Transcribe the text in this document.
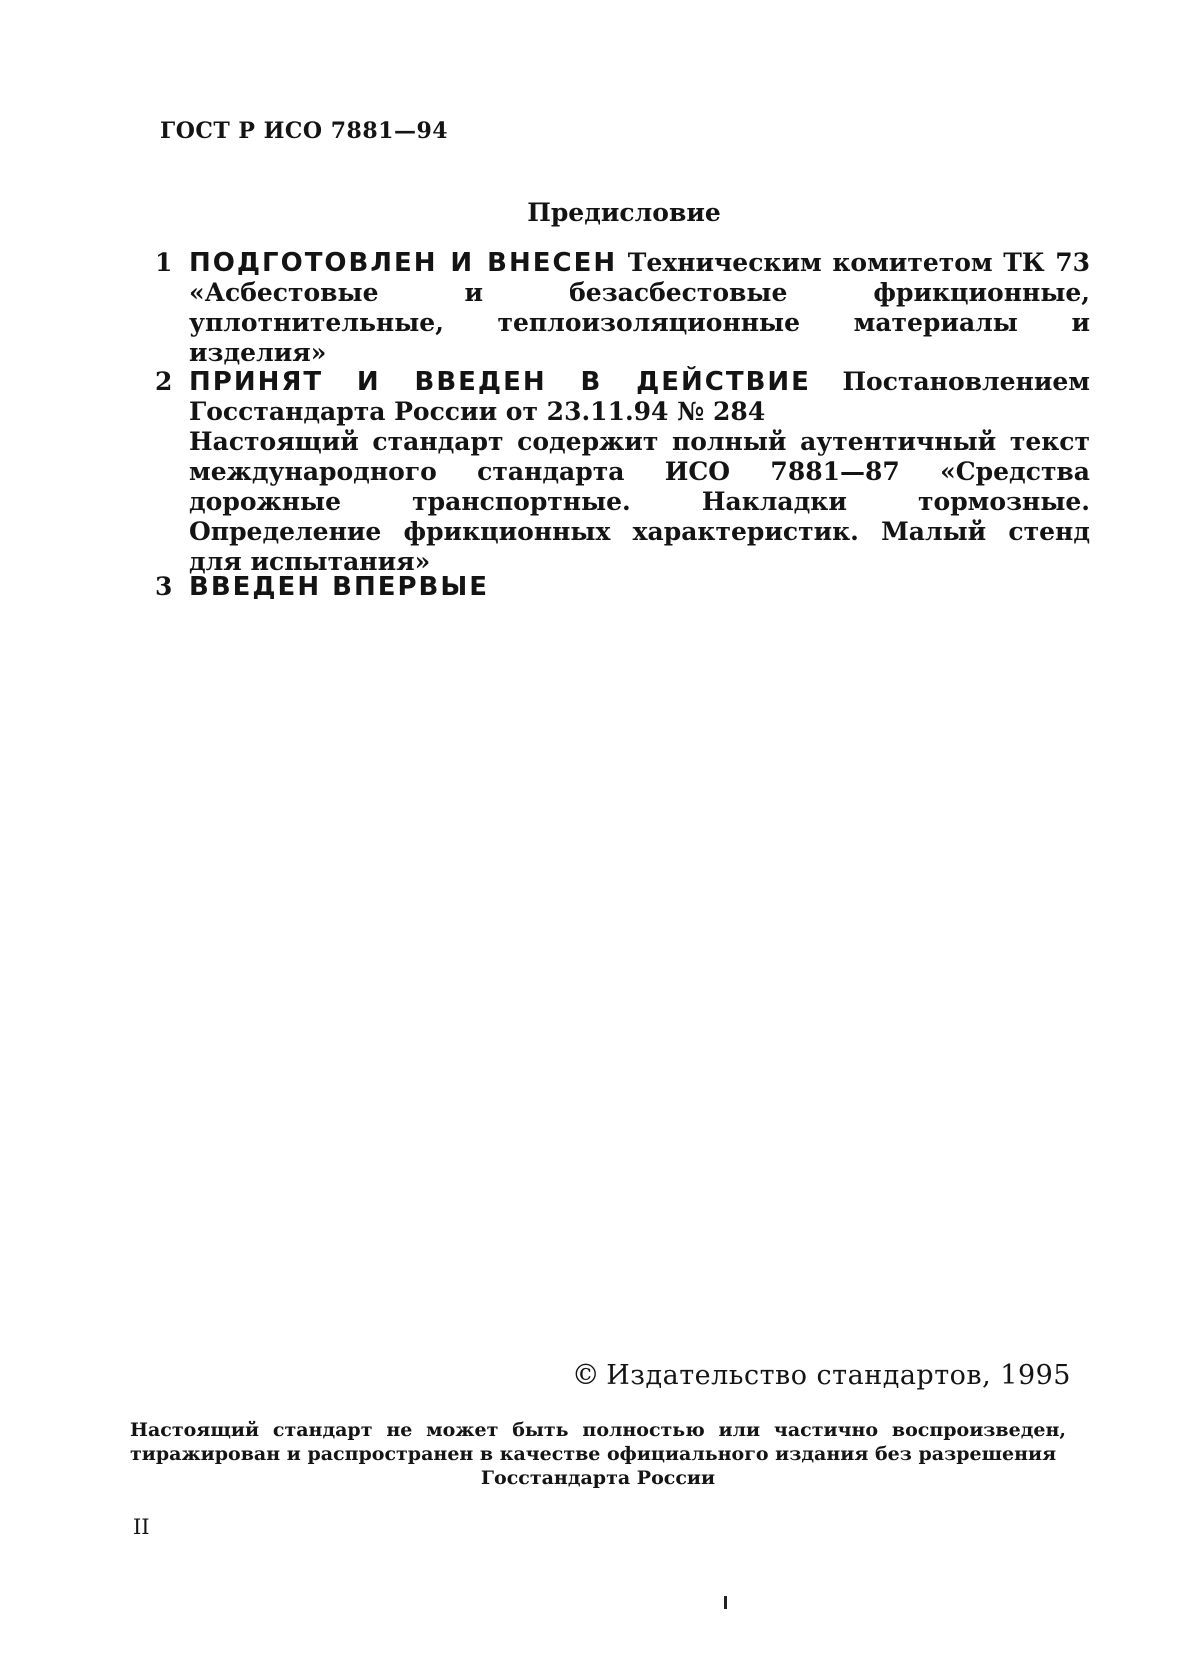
ГОСТ Р ИСО 7881—94
Предисловие
1 ПОДГОТОВЛЕН И ВНЕСЕН Техническим комитетом ТК 73 «Асбестовые и безасбестовые фрикционные, уплотнительные, теплоизоляционные материалы и изделия»

2 ПРИНЯТ И ВВЕДЕН В ДЕЙСТВИЕ Постановлением Госстандарта России от 23.11.94 № 284

Настоящий стандарт содержит полный аутентичный текст международного стандарта ИСО 7881—87 «Средства дорожные транспортные. Накладки тормозные. Определение фрикционных характеристик. Малый стенд для испытания»

3 ВВЕДЕН ВПЕРВЫЕ

© Издательство стандартов, 1995

Настоящий стандарт не может быть полностью или частично воспроизведен, тиражирован и распространен в качестве официального издания без разрешения

Госстандарта России

II
